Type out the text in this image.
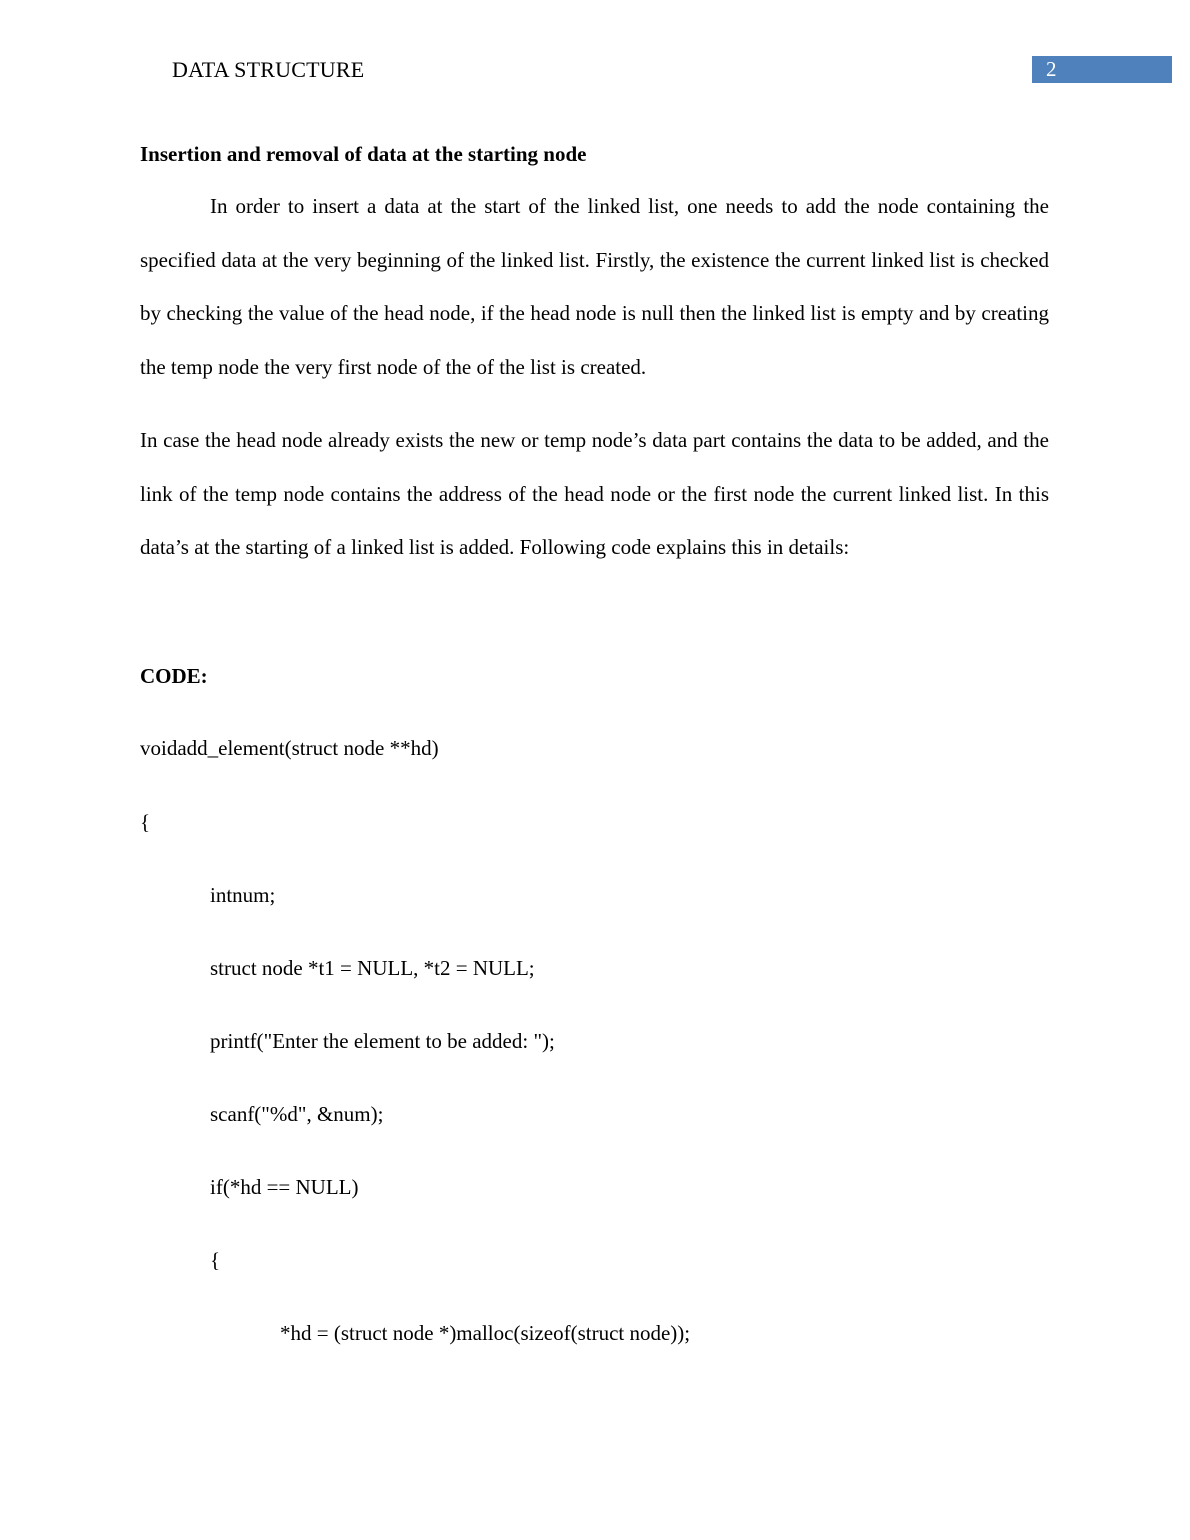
DATA STRUCTURE	2
Insertion and removal of data at the starting node

In order to insert a data at the start of the linked list, one needs to add the node containing the specified data at the very beginning of the linked list. Firstly, the existence the current linked list is checked by checking the value of the head node, if the head node is null then the linked list is empty and by creating the temp node the very first node of the of the list is created.

In case the head node already exists the new or temp node’s data part contains the data to be added, and the link of the temp node contains the address of the head node or the first node the current linked list. In this data’s at the starting of a linked list is added. Following code explains this in details:

CODE:
voidadd_element(struct node **hd)
{
intnum;
struct node *t1 = NULL, *t2 = NULL;
printf("Enter the element to be added: ");
scanf("%d", &num);
if(*hd == NULL)
{
*hd = (struct node *)malloc(sizeof(struct node));
